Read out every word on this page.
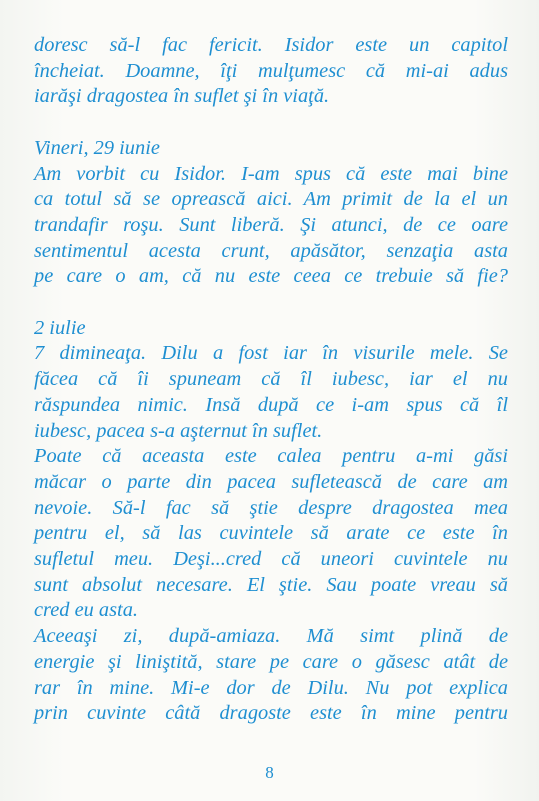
doresc să-l fac fericit. Isidor este un capitol
încheiat. Doamne, îţi mulţumesc că mi-ai adus
iarăşi dragostea în suflet şi în viaţă.
Vineri, 29 iunie
Am vorbit cu Isidor. I-am spus că este mai bine
ca totul să se oprească aici. Am primit de la el un
trandafir roşu. Sunt liberă. Şi atunci, de ce oare
sentimentul acesta crunt, apăsător, senzaţia asta
pe care o am, că nu este ceea ce trebuie să fie?
2 iulie
7 dimineaţa. Dilu a fost iar în visurile mele. Se
făcea că îi spuneam că îl iubesc, iar el nu
răspundea nimic. Insă după ce i-am spus că îl
iubesc, pacea s-a aşternut în suflet.
Poate că aceasta este calea pentru a-mi găsi
măcar o parte din pacea sufletească de care am
nevoie. Să-l fac să ştie despre dragostea mea
pentru el, să las cuvintele să arate ce este în
sufletul meu. Deşi...cred că uneori cuvintele nu
sunt absolut necesare. El ştie. Sau poate vreau să
cred eu asta.
Aceeaşi zi, după-amiaza. Mă simt plină de
energie şi liniştită, stare pe care o găsesc atât de
rar în mine. Mi-e dor de Dilu. Nu pot explica
prin cuvinte câtă dragoste este în mine pentru
8
